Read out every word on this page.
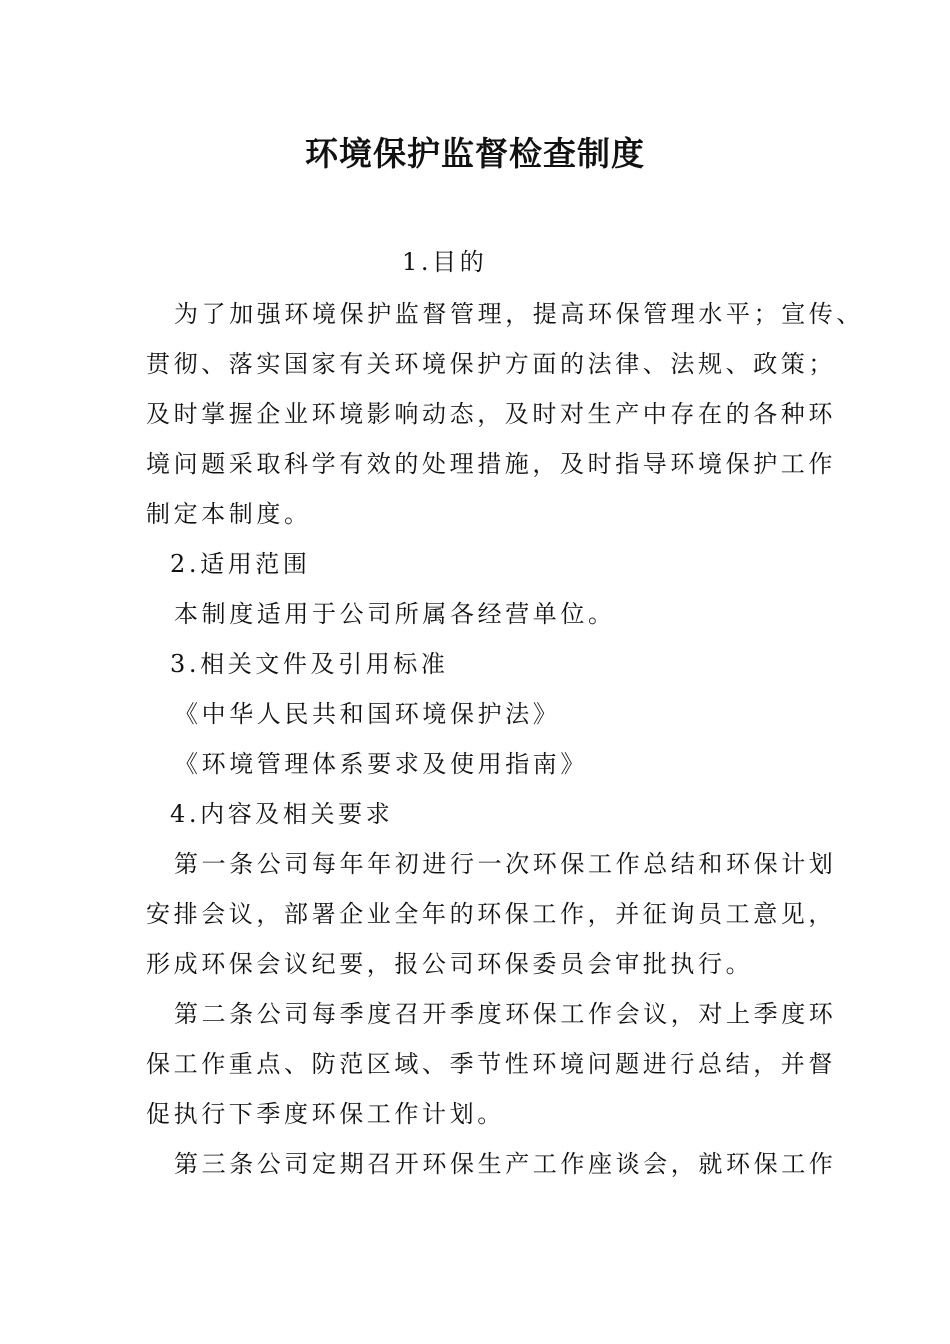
环境保护监督检查制度
1.目的
为了加强环境保护监督管理，提高环保管理水平；宣传、
贯彻、落实国家有关环境保护方面的法律、法规、政策；
及时掌握企业环境影响动态，及时对生产中存在的各种环
境问题采取科学有效的处理措施，及时指导环境保护工作
制定本制度。
2.适用范围
本制度适用于公司所属各经营单位。
3.相关文件及引用标准
《中华人民共和国环境保护法》
《环境管理体系要求及使用指南》
4.内容及相关要求
第一条公司每年年初进行一次环保工作总结和环保计划
安排会议，部署企业全年的环保工作，并征询员工意见，
形成环保会议纪要，报公司环保委员会审批执行。
第二条公司每季度召开季度环保工作会议，对上季度环
保工作重点、防范区域、季节性环境问题进行总结，并督
促执行下季度环保工作计划。
第三条公司定期召开环保生产工作座谈会，就环保工作
